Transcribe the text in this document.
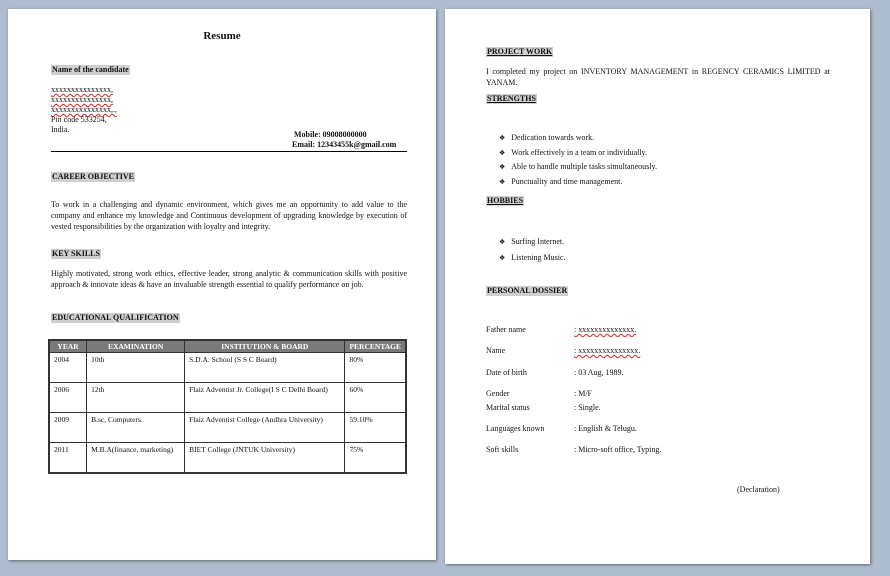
Resume
Name of the candidate
xxxxxxxxxxxxxxx,
xxxxxxxxxxxxxxx,
xxxxxxxxxxxxxxx,.,
Pin code 533254,
India.
Mobile: 09008000000
Email: 12343455k@gmail.com
CAREER OBJECTIVE
To work in a challenging and dynamic environment, which gives me an opportunity to add value to the company and enhance my knowledge and Continuous development of upgrading knowledge by execution of vested responsibilities by the organization with loyalty and integrity.
KEY SKILLS
Highly motivated, strong work ethics, effective leader, strong analytic & communication skills with positive approach & innovate ideas & have an invaluable strength essential to qualify performance on job.
EDUCATIONAL QUALIFICATION
YEAR	EXAMINATION	INSTITUTION & BOARD	PERCENTAGE
2004	10th	S.D.A. School (S S C Board)	80%
2006	12th	Flaiz Adventist Jr. College(I S C Delhi Board)	60%
2009	B.sc, Computers.	Flaiz Adventist College (Andhra University)	59.10%
2011	M.B.A(finance, marketing)	BIET College (JNTUK University)	75%
PROJECT WORK
I completed my project on INVENTORY MANAGEMENT in REGENCY CERAMICS LIMITED at YANAM.
STRENGTHS
❖ Dedication towards work.
❖ Work effectively in a team or individually.
❖ Able to handle multiple tasks simultaneously.
❖ Punctuality and time management.
HOBBIES
❖ Surfing Internet.
❖ Listening Music.
PERSONAL DOSSIER
Father name	: xxxxxxxxxxxxxx.
Name	: xxxxxxxxxxxxxxx.
Date of birth	: 03 Aug, 1989.
Gender	: M/F
Marital status	: Single.
Languages known	: English & Telugu.
Soft skills	: Micro-soft office, Typing.
(Declaration)
